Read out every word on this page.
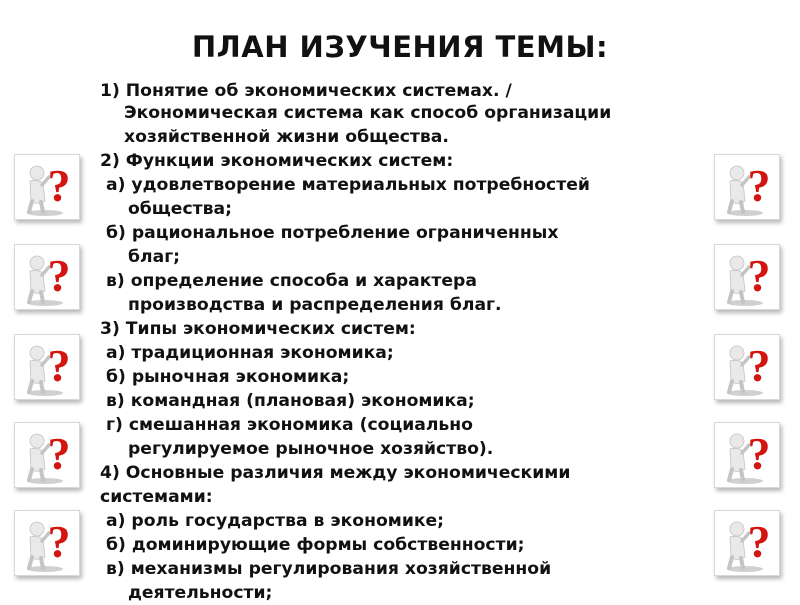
ПЛАН ИЗУЧЕНИЯ ТЕМЫ:
1) Понятие об экономических системах. /
Экономическая система как способ организации
хозяйственной жизни общества.
2) Функции экономических систем:
а) удовлетворение материальных потребностей
общества;
б) рациональное потребление ограниченных
благ;
в) определение способа и характера
производства и распределения благ.
3) Типы экономических систем:
а) традиционная экономика;
б) рыночная экономика;
в) командная (плановая) экономика;
г) смешанная экономика (социально
регулируемое рыночное хозяйство).
4) Основные различия между экономическими
системами:
а) роль государства в экономике;
б) доминирующие формы собственности;
в) механизмы регулирования хозяйственной
деятельности;
?
?
?
?
?
?
?
?
?
?
